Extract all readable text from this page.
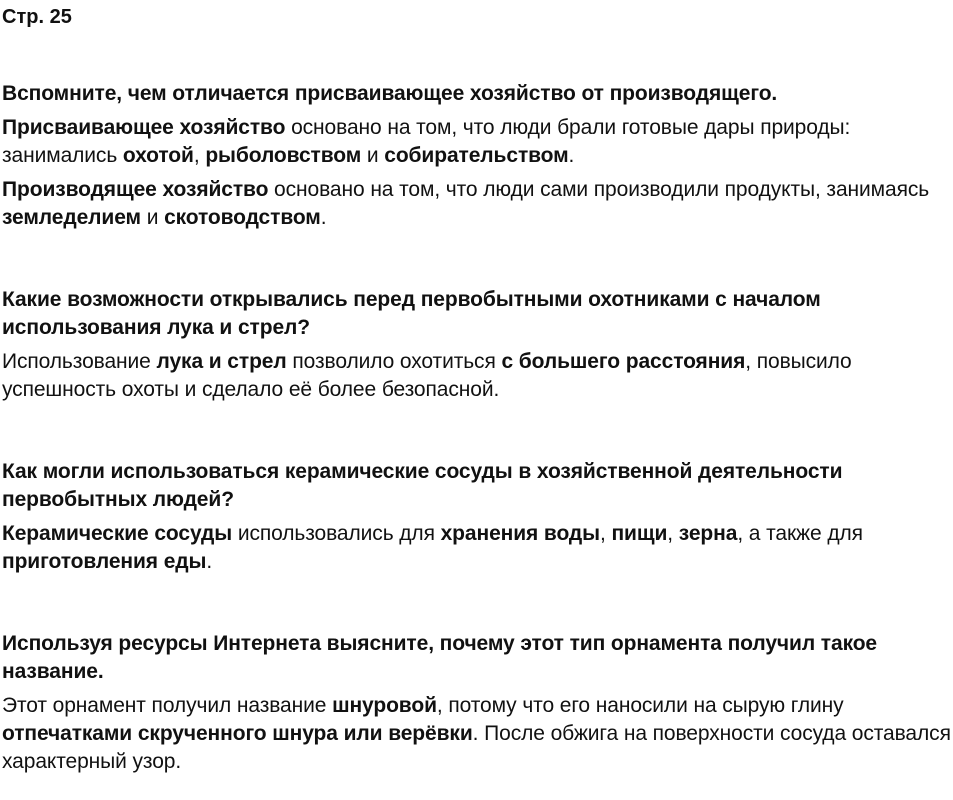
Стр. 25

Вспомните, чем отличается присваивающее хозяйство от производящего.

Присваивающее хозяйство основано на том, что люди брали готовые дары природы: занимались охотой, рыболовством и собирательством.

Производящее хозяйство основано на том, что люди сами производили продукты, занимаясь земледелием и скотоводством.

Какие возможности открывались перед первобытными охотниками с началом использования лука и стрел?

Использование лука и стрел позволило охотиться с большего расстояния, повысило успешность охоты и сделало её более безопасной.

Как могли использоваться керамические сосуды в хозяйственной деятельности первобытных людей?

Керамические сосуды использовались для хранения воды, пищи, зерна, а также для приготовления еды.

Используя ресурсы Интернета выясните, почему этот тип орнамента получил такое название.

Этот орнамент получил название шнуровой, потому что его наносили на сырую глину отпечатками скрученного шнура или верёвки. После обжига на поверхности сосуда оставался характерный узор.
